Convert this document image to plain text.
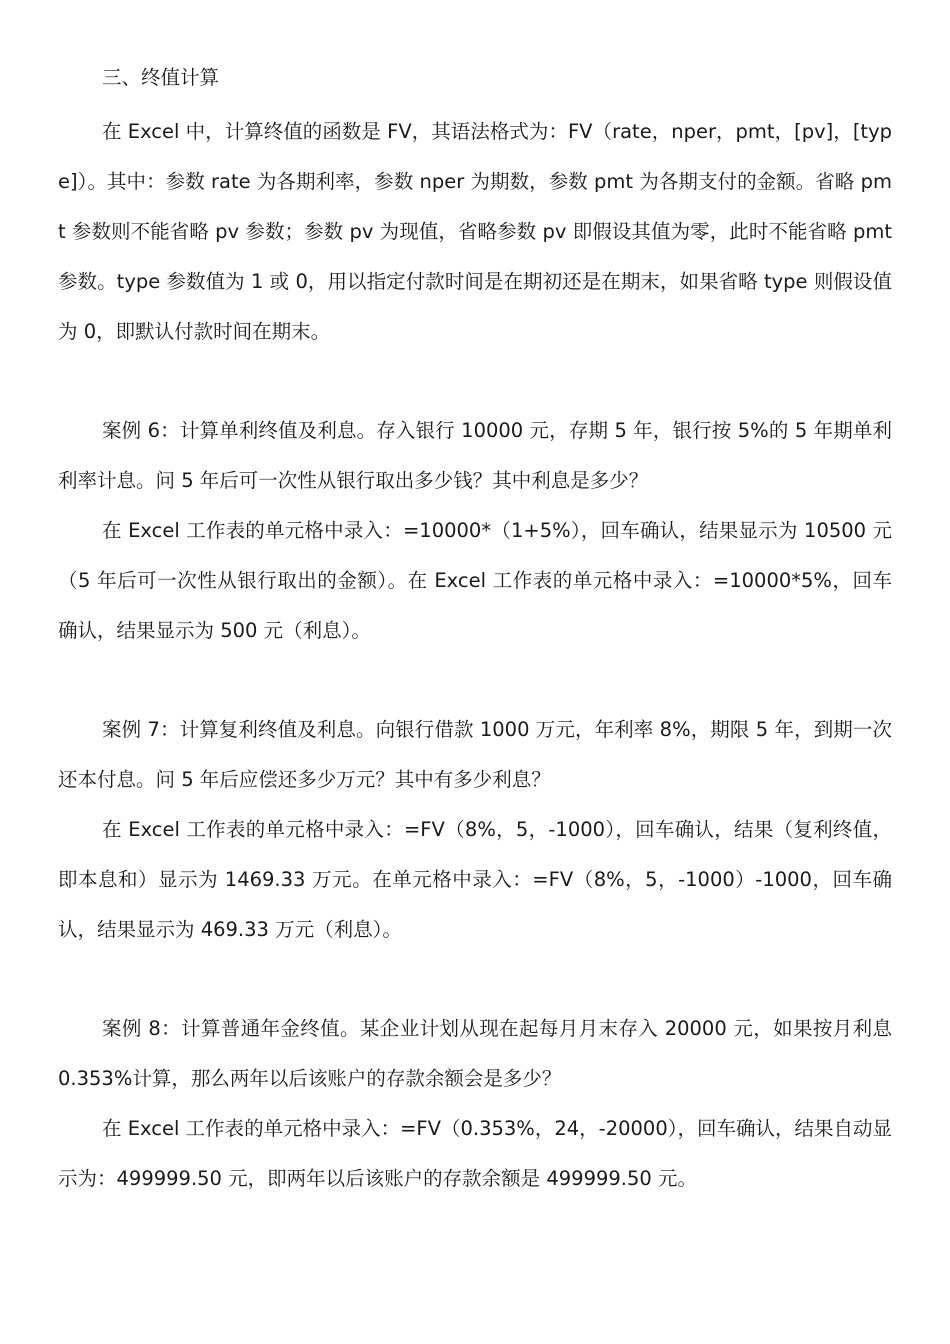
三、终值计算

在 Excel 中，计算终值的函数是 FV，其语法格式为：FV（rate，nper，pmt，[pv]，[type]）。其中：参数 rate 为各期利率，参数 nper 为期数，参数 pmt 为各期支付的金额。省略 pmt 参数则不能省略 pv 参数；参数 pv 为现值，省略参数 pv 即假设其值为零，此时不能省略 pmt 参数。type 参数值为 1 或 0，用以指定付款时间是在期初还是在期末，如果省略 type 则假设值为 0，即默认付款时间在期末。

案例 6：计算单利终值及利息。存入银行 10000 元，存期 5 年，银行按 5%的 5 年期单利利率计息。问 5 年后可一次性从银行取出多少钱？其中利息是多少？

在 Excel 工作表的单元格中录入：=10000*（1+5%），回车确认，结果显示为 10500 元（5 年后可一次性从银行取出的金额）。在 Excel 工作表的单元格中录入：=10000*5%，回车确认，结果显示为 500 元（利息）。

案例 7：计算复利终值及利息。向银行借款 1000 万元，年利率 8%，期限 5 年，到期一次还本付息。问 5 年后应偿还多少万元？其中有多少利息？

在 Excel 工作表的单元格中录入：=FV（8%，5，-1000），回车确认，结果（复利终值，即本息和）显示为 1469.33 万元。在单元格中录入：=FV（8%，5，-1000）-1000，回车确认，结果显示为 469.33 万元（利息）。

案例 8：计算普通年金终值。某企业计划从现在起每月月末存入 20000 元，如果按月利息 0.353%计算，那么两年以后该账户的存款余额会是多少？

在 Excel 工作表的单元格中录入：=FV（0.353%，24，-20000），回车确认，结果自动显示为：499999.50 元，即两年以后该账户的存款余额是 499999.50 元。
